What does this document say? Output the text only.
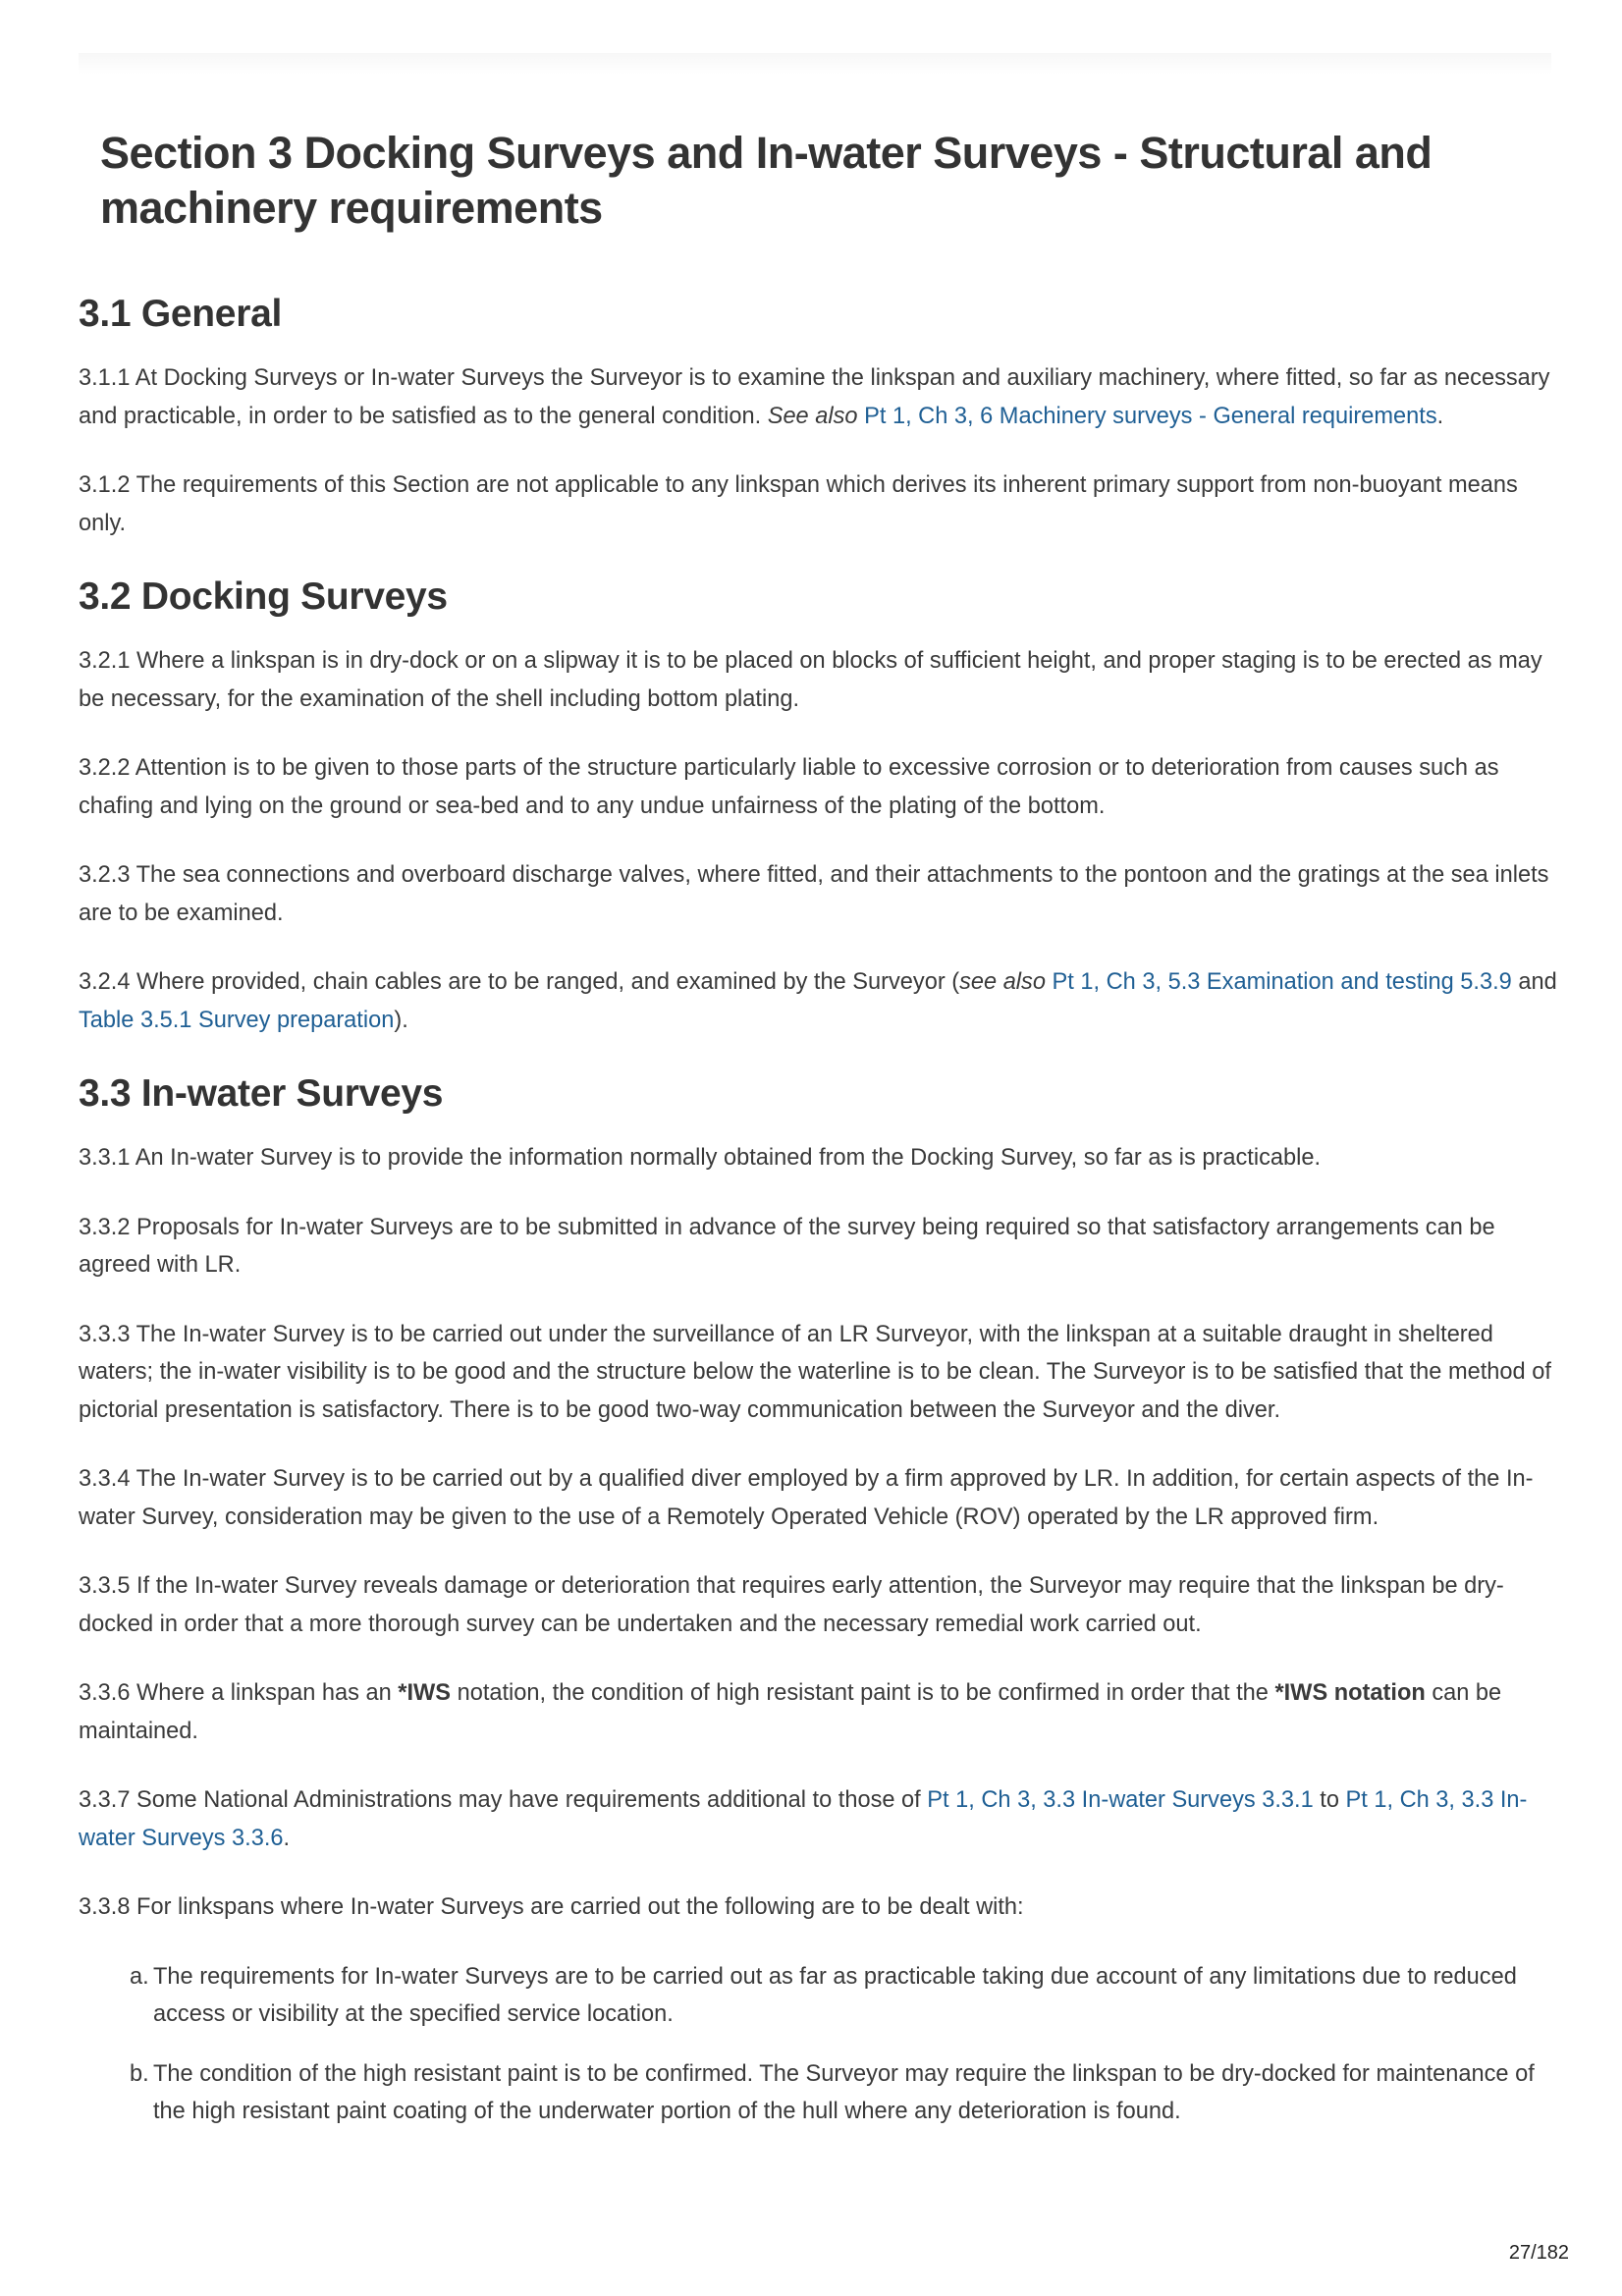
Section 3 Docking Surveys and In-water Surveys - Structural and machinery requirements
3.1 General

3.1.1 At Docking Surveys or In-water Surveys the Surveyor is to examine the linkspan and auxiliary machinery, where fitted, so far as necessary and practicable, in order to be satisfied as to the general condition. See also Pt 1, Ch 3, 6 Machinery surveys - General requirements.

3.1.2 The requirements of this Section are not applicable to any linkspan which derives its inherent primary support from non-buoyant means only.

3.2 Docking Surveys

3.2.1 Where a linkspan is in dry-dock or on a slipway it is to be placed on blocks of sufficient height, and proper staging is to be erected as may be necessary, for the examination of the shell including bottom plating.

3.2.2 Attention is to be given to those parts of the structure particularly liable to excessive corrosion or to deterioration from causes such as chafing and lying on the ground or sea-bed and to any undue unfairness of the plating of the bottom.

3.2.3 The sea connections and overboard discharge valves, where fitted, and their attachments to the pontoon and the gratings at the sea inlets are to be examined.

3.2.4 Where provided, chain cables are to be ranged, and examined by the Surveyor (see also Pt 1, Ch 3, 5.3 Examination and testing 5.3.9 and Table 3.5.1 Survey preparation).

3.3 In-water Surveys

3.3.1 An In-water Survey is to provide the information normally obtained from the Docking Survey, so far as is practicable.

3.3.2 Proposals for In-water Surveys are to be submitted in advance of the survey being required so that satisfactory arrangements can be agreed with LR.

3.3.3 The In-water Survey is to be carried out under the surveillance of an LR Surveyor, with the linkspan at a suitable draught in sheltered waters; the in-water visibility is to be good and the structure below the waterline is to be clean. The Surveyor is to be satisfied that the method of pictorial presentation is satisfactory. There is to be good two-way communication between the Surveyor and the diver.

3.3.4 The In-water Survey is to be carried out by a qualified diver employed by a firm approved by LR. In addition, for certain aspects of the In-water Survey, consideration may be given to the use of a Remotely Operated Vehicle (ROV) operated by the LR approved firm.

3.3.5 If the In-water Survey reveals damage or deterioration that requires early attention, the Surveyor may require that the linkspan be dry-docked in order that a more thorough survey can be undertaken and the necessary remedial work carried out.

3.3.6 Where a linkspan has an *IWS notation, the condition of high resistant paint is to be confirmed in order that the *IWS notation can be maintained.

3.3.7 Some National Administrations may have requirements additional to those of Pt 1, Ch 3, 3.3 In-water Surveys 3.3.1 to Pt 1, Ch 3, 3.3 In-water Surveys 3.3.6.

3.3.8 For linkspans where In-water Surveys are carried out the following are to be dealt with:

a. The requirements for In-water Surveys are to be carried out as far as practicable taking due account of any limitations due to reduced access or visibility at the specified service location.
b. The condition of the high resistant paint is to be confirmed. The Surveyor may require the linkspan to be dry-docked for maintenance of the high resistant paint coating of the underwater portion of the hull where any deterioration is found.
27/182
